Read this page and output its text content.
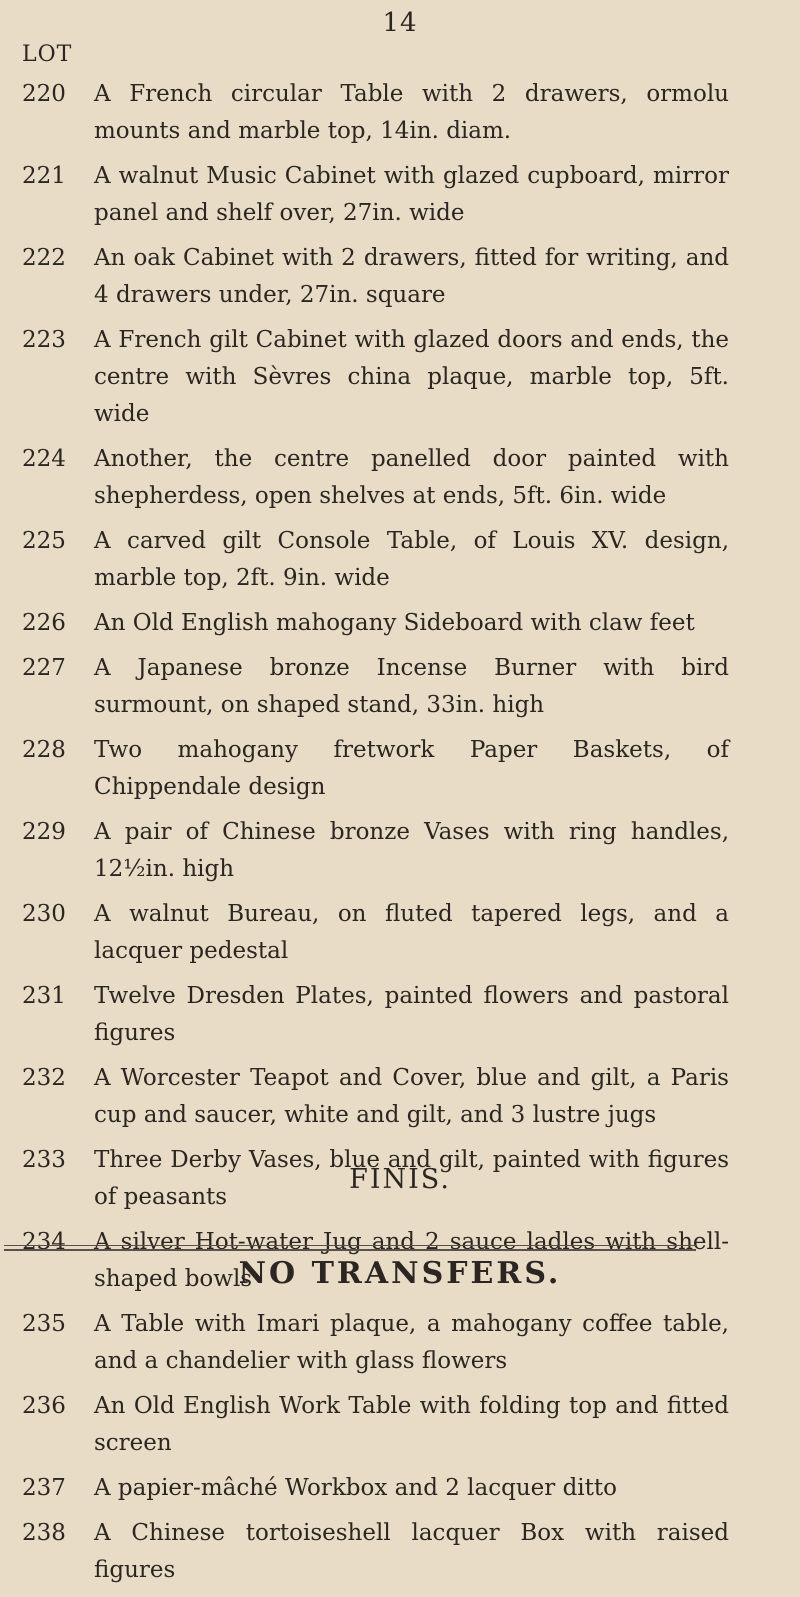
14
LOT
220	A French circular Table with 2 drawers, ormolu mounts and marble top, 14in. diam.
221	A walnut Music Cabinet with glazed cupboard, mirror panel and shelf over, 27in. wide
222	An oak Cabinet with 2 drawers, fitted for writing, and 4 drawers under, 27in. square
223	A French gilt Cabinet with glazed doors and ends, the centre with Sèvres china plaque, marble top, 5ft. wide
224	Another, the centre panelled door painted with shepherdess, open shelves at ends, 5ft. 6in. wide
225	A carved gilt Console Table, of Louis XV. design, marble top, 2ft. 9in. wide
226	An Old English mahogany Sideboard with claw feet
227	A Japanese bronze Incense Burner with bird surmount, on shaped stand, 33in. high
228	Two mahogany fretwork Paper Baskets, of Chippendale design
229	A pair of Chinese bronze Vases with ring handles, 12½in. high
230	A walnut Bureau, on fluted tapered legs, and a lacquer pedestal
231	Twelve Dresden Plates, painted flowers and pastoral figures
232	A Worcester Teapot and Cover, blue and gilt, a Paris cup and saucer, white and gilt, and 3 lustre jugs
233	Three Derby Vases, blue and gilt, painted with figures of peasants
234	A silver Hot-water Jug and 2 sauce ladles with shell-shaped bowls
235	A Table with Imari plaque, a mahogany coffee table, and a chandelier with glass flowers
236	An Old English Work Table with folding top and fitted screen
237	A papier-mâché Workbox and 2 lacquer ditto
238	A Chinese tortoiseshell lacquer Box with raised figures
FINIS.
NO TRANSFERS.
